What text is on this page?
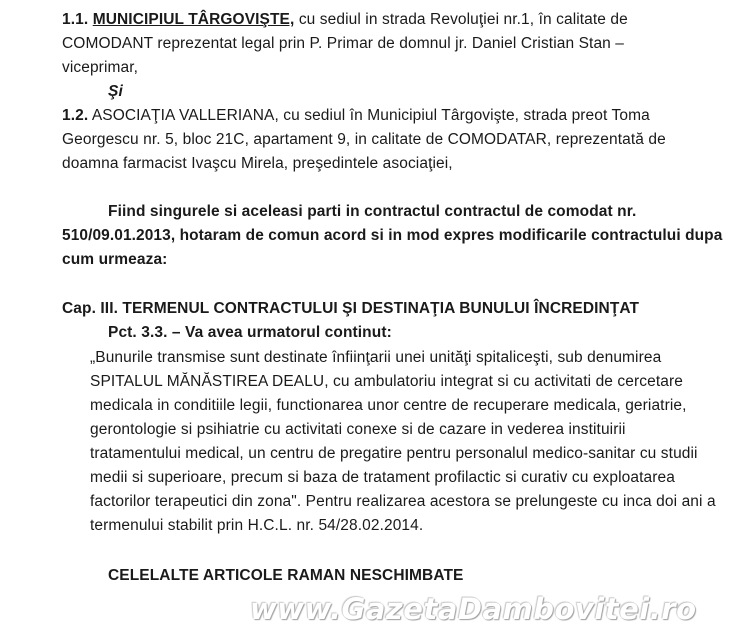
1.1. MUNICIPIUL TÂRGOVIŞTE, cu sediul in strada Revoluţiei nr.1, în calitate de

COMODANT reprezentat legal prin P. Primar de domnul jr. Daniel Cristian Stan –

viceprimar,

Şi

1.2. ASOCIAŢIA VALLERIANA, cu sediul în Municipiul Târgovişte, strada preot Toma

Georgescu nr. 5, bloc 21C, apartament 9, in calitate de COMODATAR, reprezentată de

doamna farmacist Ivaşcu Mirela, preşedintele asociaţiei,

Fiind singurele si aceleasi parti in contractul contractul de comodat nr.

510/09.01.2013, hotaram de comun acord si in mod expres modificarile contractului dupa

cum urmeaza:

Cap. III. TERMENUL CONTRACTULUI ŞI DESTINAŢIA BUNULUI ÎNCREDINŢAT

Pct. 3.3. – Va avea urmatorul continut:

„Bunurile transmise sunt destinate înfiinţarii unei unităţi spitaliceşti, sub denumirea

SPITALUL MĂNĂSTIREA DEALU, cu ambulatoriu integrat si cu activitati de cercetare

medicala in conditiile legii, functionarea unor centre de recuperare medicala, geriatrie,

gerontologie si psihiatrie cu activitati conexe si de cazare in vederea instituirii

tratamentului medical, un centru de pregatire pentru personalul medico-sanitar cu studii

medii si superioare, precum si baza de tratament profilactic si curativ cu exploatarea

factorilor terapeutici din zona". Pentru realizarea acestora se prelungeste cu inca doi ani a

termenului stabilit prin H.C.L. nr. 54/28.02.2014.

CELELALTE ARTICOLE RAMAN NESCHIMBATE

www.GazetaDambovitei.ro
